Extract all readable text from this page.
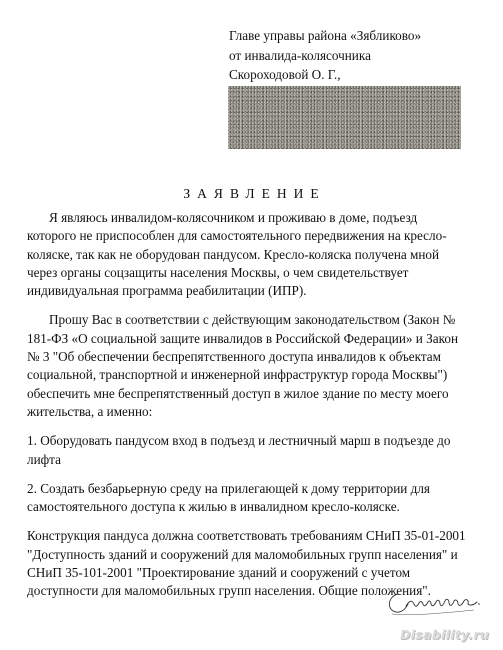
Главе управы района «Зябликово»
от инвалида-колясочника
Скороходовой О. Г.,
ЗАЯВЛЕНИЕ

Я являюсь инвалидом-колясочником и проживаю в доме, подъезд которого не приспособлен для самостоятельного передвижения на кресло-коляске, так как не оборудован пандусом. Кресло-коляска получена мной через органы соцзащиты населения Москвы, о чем свидетельствует индивидуальная программа реабилитации (ИПР).

Прошу Вас в соответствии с действующим законодательством (Закон № 181-ФЗ «О социальной защите инвалидов в Российской Федерации» и Закон № 3 "Об обеспечении беспрепятственного доступа инвалидов к объектам социальной, транспортной и инженерной инфраструктур города Москвы") обеспечить мне беспрепятственный доступ в жилое здание по месту моего жительства, а именно:

1. Оборудовать пандусом вход в подъезд и лестничный марш в подъезде до лифта

2. Создать безбарьерную среду на прилегающей к дому территории для самостоятельного доступа к жилью в инвалидном кресло-коляске.

Конструкция пандуса должна соответствовать требованиям СНиП 35-01-2001 "Доступность зданий и сооружений для маломобильных групп населения" и СНиП 35-101-2001 "Проектирование зданий и сооружений с учетом доступности для маломобильных групп населения. Общие положения".

Disability.ru
